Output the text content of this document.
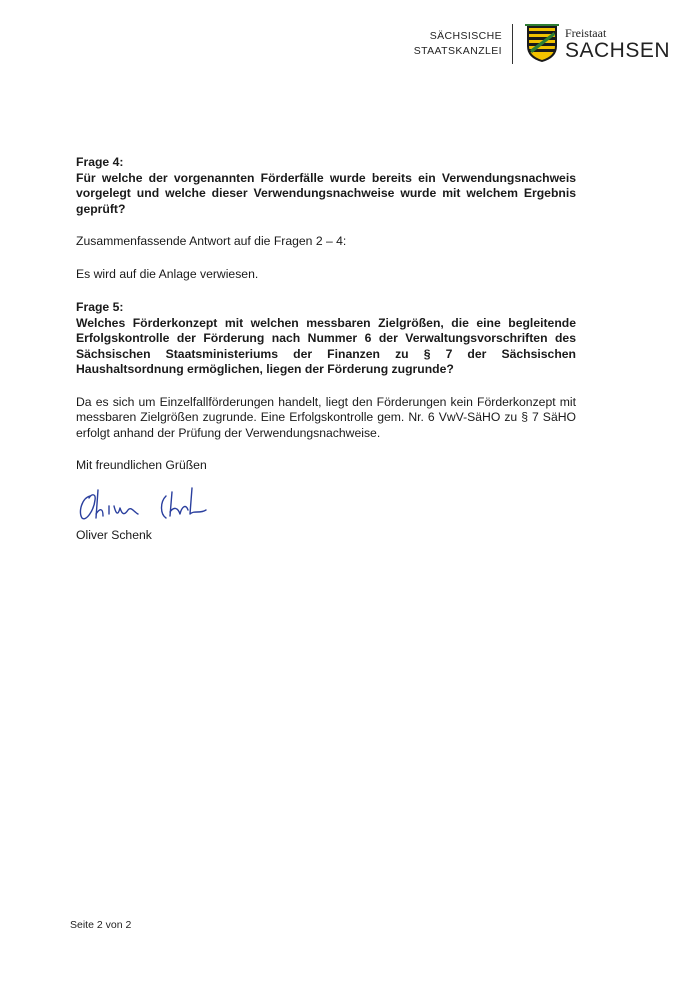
SÄCHSISCHE
STAATSKANZLEI
Freistaat
SACHSEN

Frage 4:

Für welche der vorgenannten Förderfälle wurde bereits ein Verwendungsnachweis vorgelegt und welche dieser Verwendungsnachweise wurde mit welchem Ergebnis geprüft?

Zusammenfassende Antwort auf die Fragen 2 – 4:

Es wird auf die Anlage verwiesen.

Frage 5:

Welches Förderkonzept mit welchen messbaren Zielgrößen, die eine begleitende Erfolgskontrolle der Förderung nach Nummer 6 der Verwaltungsvorschriften des Sächsischen Staatsministeriums der Finanzen zu § 7 der Sächsischen Haushaltsordnung ermöglichen, liegen der Förderung zugrunde?

Da es sich um Einzelfallförderungen handelt, liegt den Förderungen kein Förderkonzept mit messbaren Zielgrößen zugrunde. Eine Erfolgskontrolle gem. Nr. 6 VwV-SäHO zu § 7 SäHO erfolgt anhand der Prüfung der Verwendungsnachweise.

Mit freundlichen Grüßen

Oliver Schenk

Seite 2 von 2
